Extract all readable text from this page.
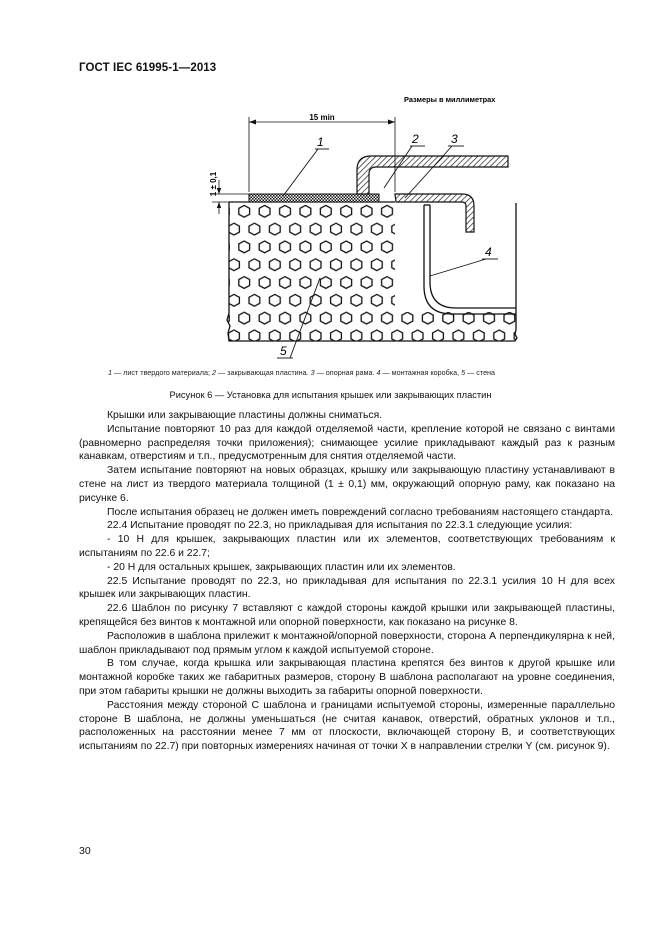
ГОСТ IEC 61995-1—2013
Размеры в миллиметрах
15 min
1 ± 0,1
1	2	3
4
5
1 — лист твердого материала; 2 — закрывающая пластина. 3 — опорная рама. 4 — монтажная коробка, 5 — стена
Рисунок 6 — Установка для испытания крышек или закрывающих пластин

Крышки или закрывающие пластины должны сниматься.

Испытание повторяют 10 раз для каждой отделяемой части, крепление которой не связано с винтами (равномерно распределяя точки приложения); снимающее усилие прикладывают каждый раз к разным канавкам, отверстиям и т.п., предусмотренным для снятия отделяемой части.

Затем испытание повторяют на новых образцах, крышку или закрывающую пластину устанавливают в стене на лист из твердого материала толщиной (1 ± 0,1) мм, окружающий опорную раму, как показано на рисунке 6.

После испытания образец не должен иметь повреждений согласно требованиям настоящего стандарта.

22.4 Испытание проводят по 22.3, но прикладывая для испытания по 22.3.1 следующие усилия:

- 10 Н для крышек, закрывающих пластин или их элементов, соответствующих требованиям к испытаниям по 22.6 и 22.7;

- 20 Н для остальных крышек, закрывающих пластин или их элементов.

22.5 Испытание проводят по 22.3, но прикладывая для испытания по 22.3.1 усилия 10 Н для всех крышек или закрывающих пластин.

22.6 Шаблон по рисунку 7 вставляют с каждой стороны каждой крышки или закрывающей пластины, крепящейся без винтов к монтажной или опорной поверхности, как показано на рисунке 8.

Расположив в шаблона прилежит к монтажной/опорной поверхности, сторона А перпендикулярна к ней, шаблон прикладывают под прямым углом к каждой испытуемой стороне.

В том случае, когда крышка или закрывающая пластина крепятся без винтов к другой крышке или монтажной коробке таких же габаритных размеров, сторону В шаблона располагают на уровне соединения, при этом габариты крышки не должны выходить за габариты опорной поверхности.

Расстояния между стороной С шаблона и границами испытуемой стороны, измеренные параллельно стороне В шаблона, не должны уменьшаться (не считая канавок, отверстий, обратных уклонов и т.п., расположенных на расстоянии менее 7 мм от плоскости, включающей сторону В, и соответствующих испытаниям по 22.7) при повторных измерениях начиная от точки Х в направлении стрелки Y (см. рисунок 9).

30
